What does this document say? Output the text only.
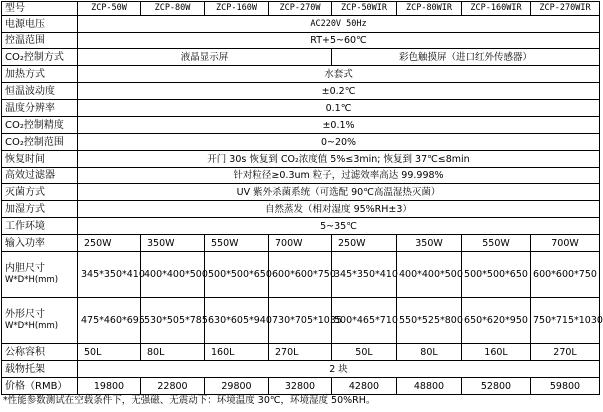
型号	ZCP-50W	ZCP-80W	ZCP-160W	ZCP-270W	ZCP-50WIR	ZCP-80WIR	ZCP-160WIR	ZCP-270WIR
电源电压	AC220V 50Hz							
控温范围	RT+5~60℃							
CO₂控制方式	液晶显示屏				彩色触摸屏（进口红外传感器）			
加热方式	水套式							
恒温波动度	±0.2℃							
温度分辨率	0.1℃							
CO₂控制精度	±0.1%							
CO₂控制范围	0~20%							
恢复时间	开门 30s 恢复到 CO₂浓度值 5%≤3min; 恢复到 37℃≤8min							
高效过滤器	针对粒径≥0.3um 粒子，过滤效率高达 99.998%							
灭菌方式	UV 紫外杀菌系统（可选配 90℃高温湿热灭菌）							
加湿方式	自然蒸发（相对湿度 95%RH±3）							
工作环境	5~35℃							
输入功率	250W	350W	550W	700W	250W	350W	550W	700W
内胆尺寸
W*D*H(mm)	345*350*410	400*400*500	500*500*650	600*600*750	345*350*410	400*400*500	500*500*650	600*600*750
外形尺寸
W*D*H(mm)	475*460*695	530*505*785	630*605*940	730*705*1035	500*465*710	550*525*800	650*620*950	750*715*1030
公称容积	50L	80L	160L	270L	50L	80L	160L	270L
载物托架	2 块							
价格（RMB）	19800	22800	29800	32800	42800	48800	52800	59800
*性能参数测试在空载条件下，无强磁、无震动下：环境温度 30℃，环境湿度 50%RH。
